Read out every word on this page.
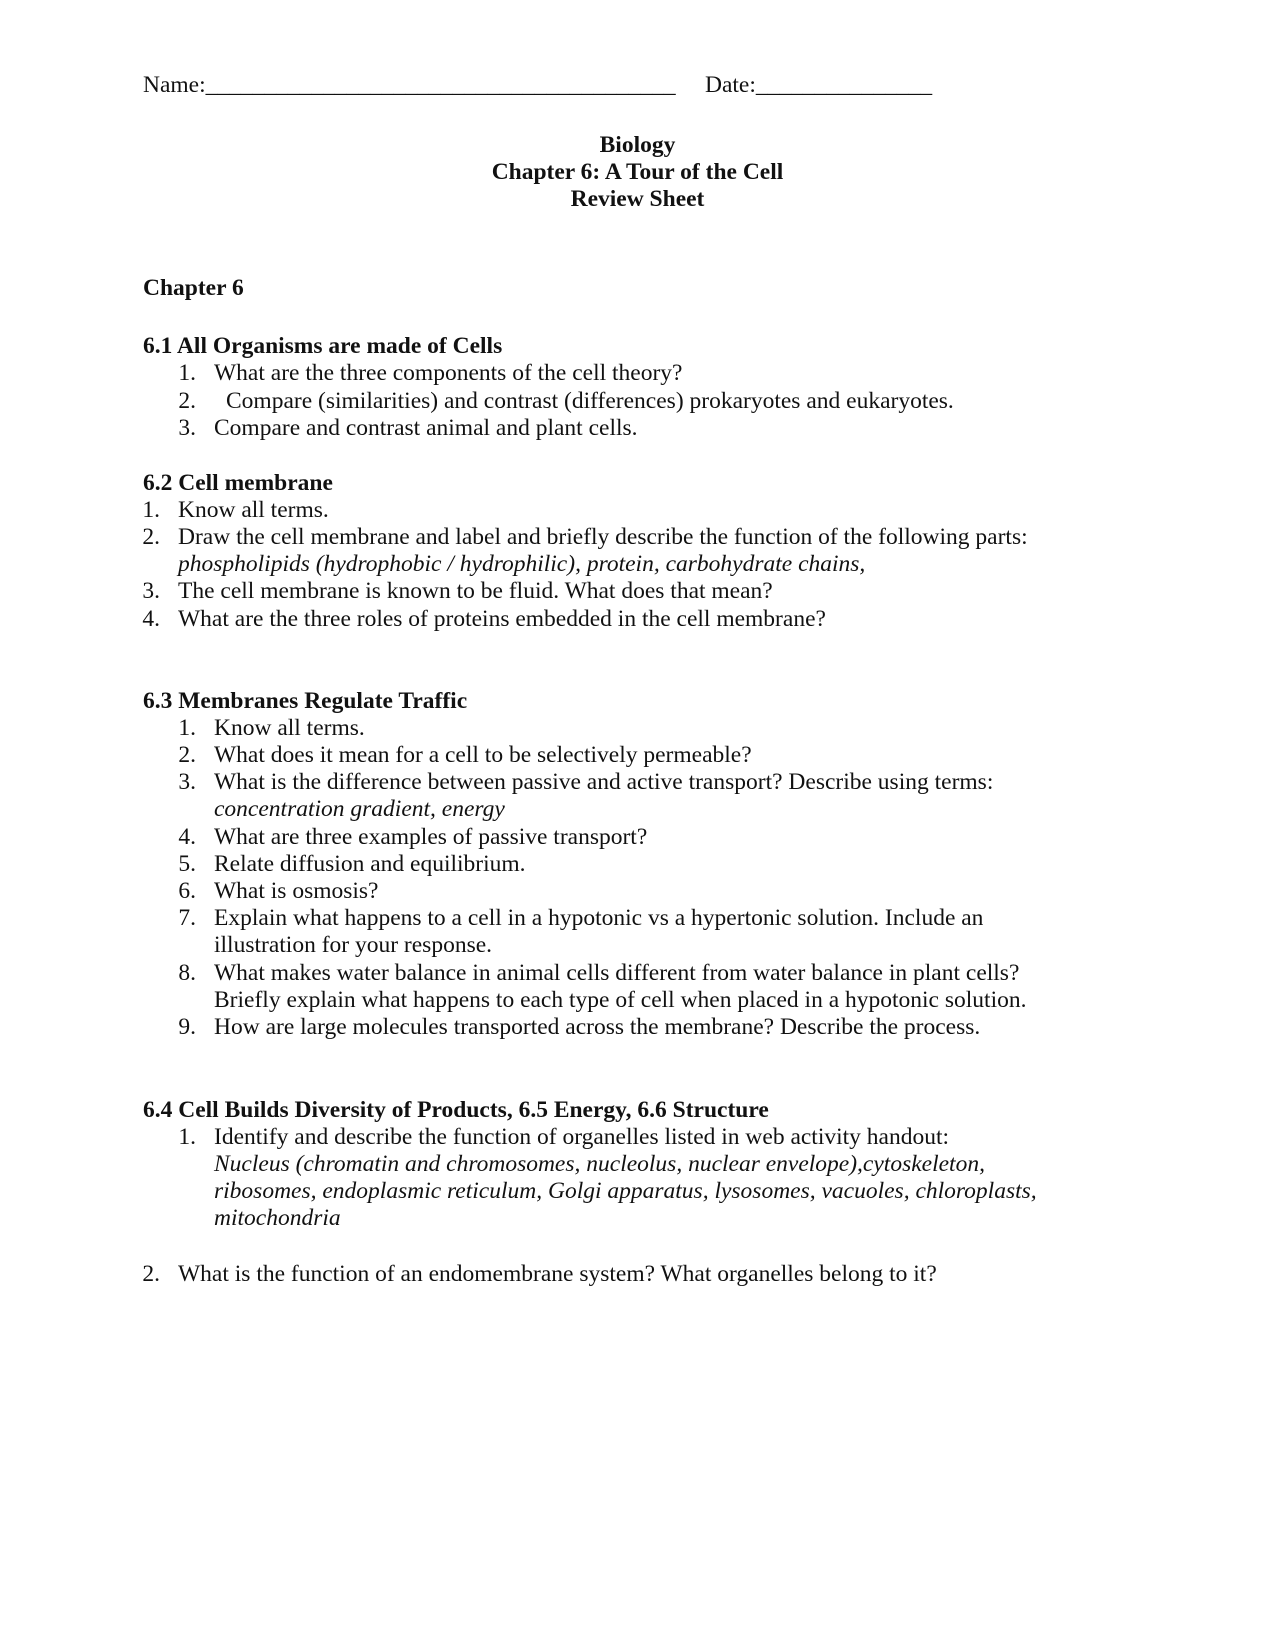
Name:________________________________________ Date:_______________
Biology
Chapter 6: A Tour of the Cell
Review Sheet
Chapter 6
6.1 All Organisms are made of Cells
1. What are the three components of the cell theory?
2. Compare (similarities) and contrast (differences) prokaryotes and eukaryotes.
3. Compare and contrast animal and plant cells.
6.2 Cell membrane
1. Know all terms.
2. Draw the cell membrane and label and briefly describe the function of the following parts:
phospholipids (hydrophobic / hydrophilic), protein, carbohydrate chains,
3. The cell membrane is known to be fluid. What does that mean?
4. What are the three roles of proteins embedded in the cell membrane?
6.3 Membranes Regulate Traffic
1. Know all terms.
2. What does it mean for a cell to be selectively permeable?
3. What is the difference between passive and active transport? Describe using terms:
concentration gradient, energy
4. What are three examples of passive transport?
5. Relate diffusion and equilibrium.
6. What is osmosis?
7. Explain what happens to a cell in a hypotonic vs a hypertonic solution. Include an
illustration for your response.
8. What makes water balance in animal cells different from water balance in plant cells?
Briefly explain what happens to each type of cell when placed in a hypotonic solution.
9. How are large molecules transported across the membrane? Describe the process.
6.4 Cell Builds Diversity of Products, 6.5 Energy, 6.6 Structure
1. Identify and describe the function of organelles listed in web activity handout:
Nucleus (chromatin and chromosomes, nucleolus, nuclear envelope),cytoskeleton,
ribosomes, endoplasmic reticulum, Golgi apparatus, lysosomes, vacuoles, chloroplasts,
mitochondria
2. What is the function of an endomembrane system? What organelles belong to it?
